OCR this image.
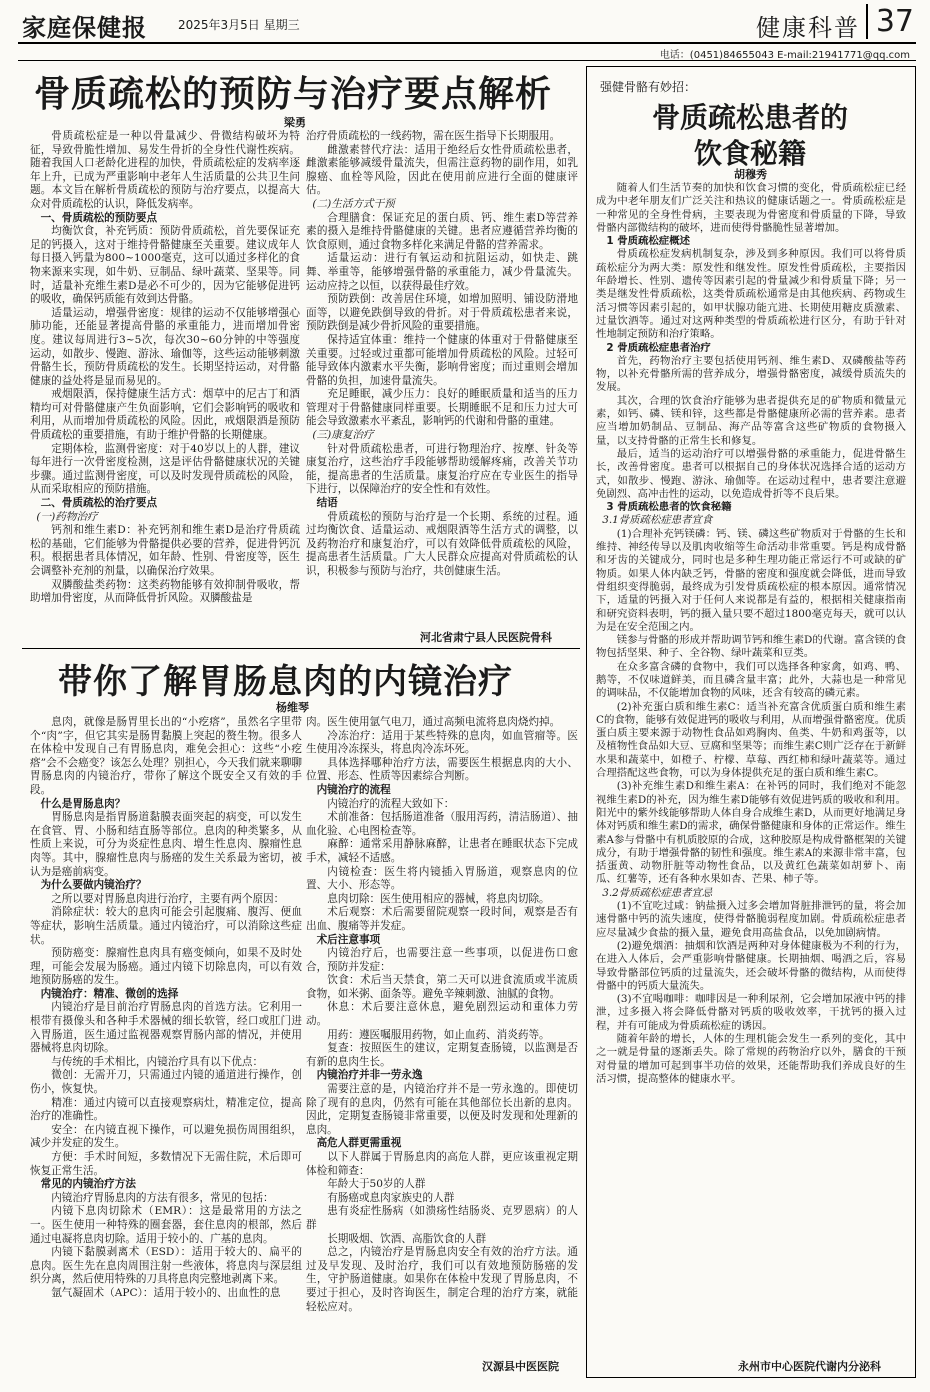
家庭保健报	2025年3月5日 星期三	健康科普 37
电话：(0451)84655043 E-mail:21941771@qq.com
骨质疏松的预防与治疗要点解析
梁勇

骨质疏松症是一种以骨量减少、骨微结构破坏为特征，导致骨脆性增加、易发生骨折的全身性代谢性疾病。随着我国人口老龄化进程的加快，骨质疏松症的发病率逐年上升，已成为严重影响中老年人生活质量的公共卫生问题。本文旨在解析骨质疏松的预防与治疗要点，以提高大众对骨质疏松的认识，降低发病率。

一、骨质疏松的预防要点

均衡饮食，补充钙质：预防骨质疏松，首先要保证充足的钙摄入，这对于维持骨骼健康至关重要。建议成年人每日摄入钙量为800~1000毫克，这可以通过多样化的食物来源来实现，如牛奶、豆制品、绿叶蔬菜、坚果等。同时，适量补充维生素D是必不可少的，因为它能够促进钙的吸收，确保钙质能有效到达骨骼。

适量运动，增强骨密度：规律的运动不仅能够增强心肺功能，还能显著提高骨骼的承重能力，进而增加骨密度。建议每周进行3~5次，每次30~60分钟的中等强度运动，如散步、慢跑、游泳、瑜伽等，这些运动能够刺激骨骼生长，预防骨质疏松的发生。长期坚持运动，对骨骼健康的益处将是显而易见的。

戒烟限酒，保持健康生活方式：烟草中的尼古丁和酒精均可对骨骼健康产生负面影响，它们会影响钙的吸收和利用，从而增加骨质疏松的风险。因此，戒烟限酒是预防骨质疏松的重要措施，有助于维护骨骼的长期健康。

定期体检，监测骨密度：对于40岁以上的人群，建议每年进行一次骨密度检测，这是评估骨骼健康状况的关键步骤。通过监测骨密度，可以及时发现骨质疏松的风险，从而采取相应的预防措施。

二、骨质疏松的治疗要点

(一)药物治疗

钙剂和维生素D：补充钙剂和维生素D是治疗骨质疏松的基础，它们能够为骨骼提供必要的营养，促进骨钙沉积。根据患者具体情况，如年龄、性别、骨密度等，医生会调整补充剂的剂量，以确保治疗效果。

双膦酸盐类药物：这类药物能够有效抑制骨吸收，帮助增加骨密度，从而降低骨折风险。双膦酸盐是

治疗骨质疏松的一线药物，需在医生指导下长期服用。

雌激素替代疗法：适用于绝经后女性骨质疏松患者，雌激素能够减缓骨量流失，但需注意药物的副作用，如乳腺癌、血栓等风险，因此在使用前应进行全面的健康评估。

(二)生活方式干预

合理膳食：保证充足的蛋白质、钙、维生素D等营养素的摄入是维持骨骼健康的关键。患者应遵循营养均衡的饮食原则，通过食物多样化来满足骨骼的营养需求。

适量运动：进行有氧运动和抗阻运动，如快走、跳舞、举重等，能够增强骨骼的承重能力，减少骨量流失。运动应持之以恒，以获得最佳疗效。

预防跌倒：改善居住环境，如增加照明、铺设防滑地面等，以避免跌倒导致的骨折。对于骨质疏松患者来说，预防跌倒是减少骨折风险的重要措施。

保持适宜体重：维持一个健康的体重对于骨骼健康至关重要。过轻或过重都可能增加骨质疏松的风险。过轻可能导致体内激素水平失衡，影响骨密度；而过重则会增加骨骼的负担，加速骨量流失。

充足睡眠，减少压力：良好的睡眠质量和适当的压力管理对于骨骼健康同样重要。长期睡眠不足和压力过大可能会导致激素水平紊乱，影响钙的代谢和骨骼的重建。

(三)康复治疗

针对骨质疏松患者，可进行物理治疗、按摩、针灸等康复治疗，这些治疗手段能够帮助缓解疼痛，改善关节功能，提高患者的生活质量。康复治疗应在专业医生的指导下进行，以保障治疗的安全性和有效性。

结语

骨质疏松的预防与治疗是一个长期、系统的过程。通过均衡饮食、适量运动、戒烟限酒等生活方式的调整，以及药物治疗和康复治疗，可以有效降低骨质疏松的风险，提高患者生活质量。广大人民群众应提高对骨质疏松的认识，积极参与预防与治疗，共创健康生活。

河北省肃宁县人民医院骨科
带你了解胃肠息肉的内镜治疗
杨维琴

息肉，就像是肠胃里长出的“小疙瘩”，虽然名字里带个“肉”字，但它其实是肠胃黏膜上突起的赘生物。很多人在体检中发现自己有胃肠息肉，难免会担心：这些“小疙瘩”会不会癌变？该怎么处理？别担心，今天我们就来聊聊胃肠息肉的内镜治疗，带你了解这个既安全又有效的手段。

什么是胃肠息肉？

胃肠息肉是指胃肠道黏膜表面突起的病变，可以发生在食管、胃、小肠和结直肠等部位。息肉的种类繁多，从性质上来说，可分为炎症性息肉、增生性息肉、腺瘤性息肉等。其中，腺瘤性息肉与肠癌的发生关系最为密切，被认为是癌前病变。

为什么要做内镜治疗？

之所以要对胃肠息肉进行治疗，主要有两个原因：

消除症状：较大的息肉可能会引起腹痛、腹泻、便血等症状，影响生活质量。通过内镜治疗，可以消除这些症状。

预防癌变：腺瘤性息肉具有癌变倾向，如果不及时处理，可能会发展为肠癌。通过内镜下切除息肉，可以有效地预防肠癌的发生。

内镜治疗：精准、微创的选择

内镜治疗是目前治疗胃肠息肉的首选方法。它利用一根带有摄像头和各种手术器械的细长软管，经口或肛门进入胃肠道，医生通过监视器观察胃肠内部的情况，并使用器械将息肉切除。

与传统的手术相比，内镜治疗具有以下优点：

微创：无需开刀，只需通过内镜的通道进行操作，创伤小，恢复快。

精准：通过内镜可以直接观察病灶，精准定位，提高治疗的准确性。

安全：在内镜直视下操作，可以避免损伤周围组织，减少并发症的发生。

方便：手术时间短，多数情况下无需住院，术后即可恢复正常生活。

常见的内镜治疗方法

内镜治疗胃肠息肉的方法有很多，常见的包括：

内镜下息肉切除术（EMR）：这是最常用的方法之一。医生使用一种特殊的圈套器，套住息肉的根部，然后通过电凝将息肉切除。适用于较小的、广基的息肉。

内镜下黏膜剥离术（ESD）：适用于较大的、扁平的息肉。医生先在息肉周围注射一些液体，将息肉与深层组织分离，然后使用特殊的刀具将息肉完整地剥离下来。

氩气凝固术（APC）：适用于较小的、出血性的息

肉。医生使用氩气电刀，通过高频电流将息肉烧灼掉。

冷冻治疗：适用于某些特殊的息肉，如血管瘤等。医生使用冷冻探头，将息肉冷冻坏死。

具体选择哪种治疗方法，需要医生根据息肉的大小、位置、形态、性质等因素综合判断。

内镜治疗的流程

内镜治疗的流程大致如下：

术前准备：包括肠道准备（服用泻药，清洁肠道）、抽血化验、心电图检查等。

麻醉：通常采用静脉麻醉，让患者在睡眠状态下完成手术，减轻不适感。

内镜检查：医生将内镜插入胃肠道，观察息肉的位置、大小、形态等。

息肉切除：医生使用相应的器械，将息肉切除。

术后观察：术后需要留院观察一段时间，观察是否有出血、腹痛等并发症。

术后注意事项

内镜治疗后，也需要注意一些事项，以促进伤口愈合，预防并发症：

饮食：术后当天禁食，第二天可以进食流质或半流质食物，如米粥、面条等。避免辛辣刺激、油腻的食物。

休息：术后要注意休息，避免剧烈运动和重体力劳动。

用药：遵医嘱服用药物，如止血药、消炎药等。

复查：按照医生的建议，定期复查肠镜，以监测是否有新的息肉生长。

内镜治疗并非一劳永逸

需要注意的是，内镜治疗并不是一劳永逸的。即使切除了现有的息肉，仍然有可能在其他部位长出新的息肉。因此，定期复查肠镜非常重要，以便及时发现和处理新的息肉。

高危人群更需重视

以下人群属于胃肠息肉的高危人群，更应该重视定期体检和筛查：

年龄大于50岁的人群

有肠癌或息肉家族史的人群

患有炎症性肠病（如溃疡性结肠炎、克罗恩病）的人群

长期吸烟、饮酒、高脂饮食的人群

总之，内镜治疗是胃肠息肉安全有效的治疗方法。通过及早发现、及时治疗，我们可以有效地预防肠癌的发生，守护肠道健康。如果你在体检中发现了胃肠息肉，不要过于担心，及时咨询医生，制定合理的治疗方案，就能轻松应对。

汉源县中医医院
强健骨骼有妙招：
骨质疏松患者的
饮食秘籍
胡穆秀

随着人们生活节奏的加快和饮食习惯的变化，骨质疏松症已经成为中老年朋友们广泛关注和热议的健康话题之一。骨质疏松症是一种常见的全身性骨病，主要表现为骨密度和骨质量的下降，导致骨骼内部微结构的破坏，进而使得骨骼脆性显著增加。

1 骨质疏松症概述

骨质疏松症发病机制复杂，涉及到多种原因。我们可以将骨质疏松症分为两大类：原发性和继发性。原发性骨质疏松，主要指因年龄增长、性别、遗传等因素引起的骨量减少和骨质量下降；另一类是继发性骨质疏松，这类骨质疏松通常是由其他疾病、药物或生活习惯等因素引起的，如甲状腺功能亢进、长期使用糖皮质激素、过量饮酒等。通过对这两种类型的骨质疏松进行区分，有助于针对性地制定预防和治疗策略。

2 骨质疏松症患者治疗

首先，药物治疗主要包括使用钙剂、维生素D、双磷酸盐等药物，以补充骨骼所需的营养成分，增强骨骼密度，减缓骨质流失的发展。

其次，合理的饮食治疗能够为患者提供充足的矿物质和微量元素，如钙、磷、镁和锌，这些都是骨骼健康所必需的营养素。患者应当增加奶制品、豆制品、海产品等富含这些矿物质的食物摄入量，以支持骨骼的正常生长和修复。

最后，适当的运动治疗可以增强骨骼的承重能力，促进骨骼生长，改善骨密度。患者可以根据自己的身体状况选择合适的运动方式，如散步、慢跑、游泳、瑜伽等。在运动过程中，患者要注意避免剧烈、高冲击性的运动，以免造成骨折等不良后果。

3 骨质疏松患者的饮食秘籍

3.1骨质疏松症患者宜食

(1)合理补充钙镁磷：钙、镁、磷这些矿物质对于骨骼的生长和维持、神经传导以及肌肉收缩等生命活动非常重要。钙是构成骨骼和牙齿的关键成分，同时也是多种生理功能正常运行不可或缺的矿物质。如果人体内缺乏钙，骨骼的密度和强度就会降低，进而导致骨组织变得脆弱，最终成为引发骨质疏松症的根本原因。通常情况下，适量的钙摄入对于任何人来说都是有益的，根据相关健康指南和研究资料表明，钙的摄入量只要不超过1800毫克每天，就可以认为是在安全范围之内。

镁参与骨骼的形成并帮助调节钙和维生素D的代谢。富含镁的食物包括坚果、种子、全谷物、绿叶蔬菜和豆类。

在众多富含磷的食物中，我们可以选择各种家禽，如鸡、鸭、鹅等，不仅味道鲜美，而且磷含量丰富；此外，大蒜也是一种常见的调味品，不仅能增加食物的风味，还含有较高的磷元素。

(2)补充蛋白质和维生素C：适当补充富含优质蛋白质和维生素C的食物，能够有效促进钙的吸收与利用，从而增强骨骼密度。优质蛋白质主要来源于动物性食品如鸡胸肉、鱼类、牛奶和鸡蛋等，以及植物性食品如大豆、豆腐和坚果等；而维生素C则广泛存在于新鲜水果和蔬菜中，如橙子、柠檬、草莓、西红柿和绿叶蔬菜等。通过合理搭配这些食物，可以为身体提供充足的蛋白质和维生素C。

(3)补充维生素D和维生素A：在补钙的同时，我们绝对不能忽视维生素D的补充，因为维生素D能够有效促进钙质的吸收和利用。阳光中的紫外线能够帮助人体自身合成维生素D，从而更好地满足身体对钙质和维生素D的需求，确保骨骼健康和身体的正常运作。维生素A参与骨骼中有机质胶原的合成，这种胶原是构成骨骼框架的关键成分，有助于增强骨骼的韧性和强度。维生素A的来源非常丰富，包括蛋黄、动物肝脏等动物性食品，以及黄红色蔬菜如胡萝卜、南瓜、红薯等，还有各种水果如杏、芒果、柿子等。

3.2骨质疏松症患者宜忌

(1)不宜吃过咸：钠盐摄入过多会增加肾脏排泄钙的量，将会加速骨骼中钙的流失速度，使得骨骼脆弱程度加剧。骨质疏松症患者应尽量减少食盐的摄入量，避免食用高盐食品，以免加剧病情。

(2)避免烟酒：抽烟和饮酒是两种对身体健康极为不利的行为，在进入人体后，会严重影响骨骼健康。长期抽烟、喝酒之后，容易导致骨骼部位钙质的过量流失，还会破坏骨骼的微结构，从而使得骨骼中的钙质大量流失。

(3)不宜喝咖啡：咖啡因是一种利尿剂，它会增加尿液中钙的排泄，过多摄入将会降低骨骼对钙质的吸收效率，干扰钙的摄入过程，并有可能成为骨质疏松症的诱因。

随着年龄的增长，人体的生理机能会发生一系列的变化，其中之一就是骨量的逐渐丢失。除了常规的药物治疗以外，膳食的干预对骨量的增加可起到事半功倍的效果，还能帮助我们养成良好的生活习惯，提高整体的健康水平。

永州市中心医院代谢内分泌科
